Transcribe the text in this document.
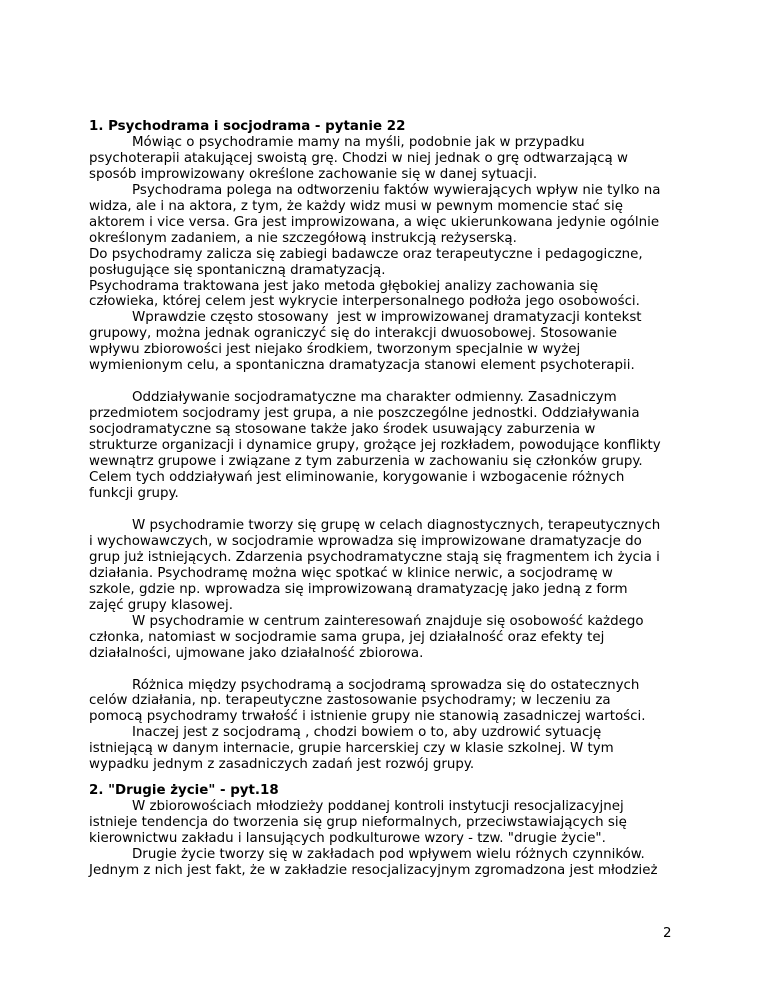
1. Psychodrama i socjodrama - pytanie 22

Mówiąc o psychodramie mamy na myśli, podobnie jak w przypadku

psychoterapii atakującej swoistą grę. Chodzi w niej jednak o grę odtwarzającą w

sposób improwizowany określone zachowanie się w danej sytuacji.

Psychodrama polega na odtworzeniu faktów wywierających wpływ nie tylko na

widza, ale i na aktora, z tym, że każdy widz musi w pewnym momencie stać się

aktorem i vice versa. Gra jest improwizowana, a więc ukierunkowana jedynie ogólnie

określonym zadaniem, a nie szczegółową instrukcją reżyserską.

Do psychodramy zalicza się zabiegi badawcze oraz terapeutyczne i pedagogiczne,

posługujące się spontaniczną dramatyzacją.

Psychodrama traktowana jest jako metoda głębokiej analizy zachowania się

człowieka, której celem jest wykrycie interpersonalnego podłoża jego osobowości.

Wprawdzie często stosowany  jest w improwizowanej dramatyzacji kontekst

grupowy, można jednak ograniczyć się do interakcji dwuosobowej. Stosowanie

wpływu zbiorowości jest niejako środkiem, tworzonym specjalnie w wyżej

wymienionym celu, a spontaniczna dramatyzacja stanowi element psychoterapii.

Oddziaływanie socjodramatyczne ma charakter odmienny. Zasadniczym

przedmiotem socjodramy jest grupa, a nie poszczególne jednostki. Oddziaływania

socjodramatyczne są stosowane także jako środek usuwający zaburzenia w

strukturze organizacji i dynamice grupy, grożące jej rozkładem, powodujące konflikty

wewnątrz grupowe i związane z tym zaburzenia w zachowaniu się członków grupy.

Celem tych oddziaływań jest eliminowanie, korygowanie i wzbogacenie różnych

funkcji grupy.

W psychodramie tworzy się grupę w celach diagnostycznych, terapeutycznych

i wychowawczych, w socjodramie wprowadza się improwizowane dramatyzacje do

grup już istniejących. Zdarzenia psychodramatyczne stają się fragmentem ich życia i

działania. Psychodramę można więc spotkać w klinice nerwic, a socjodramę w

szkole, gdzie np. wprowadza się improwizowaną dramatyzację jako jedną z form

zajęć grupy klasowej.

W psychodramie w centrum zainteresowań znajduje się osobowość każdego

członka, natomiast w socjodramie sama grupa, jej działalność oraz efekty tej

działalności, ujmowane jako działalność zbiorowa.

Różnica między psychodramą a socjodramą sprowadza się do ostatecznych

celów działania, np. terapeutyczne zastosowanie psychodramy; w leczeniu za

pomocą psychodramy trwałość i istnienie grupy nie stanowią zasadniczej wartości.

Inaczej jest z socjodramą , chodzi bowiem o to, aby uzdrowić sytuację

istniejącą w danym internacie, grupie harcerskiej czy w klasie szkolnej. W tym

wypadku jednym z zasadniczych zadań jest rozwój grupy.

2. "Drugie życie" - pyt.18

W zbiorowościach młodzieży poddanej kontroli instytucji resocjalizacyjnej

istnieje tendencja do tworzenia się grup nieformalnych, przeciwstawiających się

kierownictwu zakładu i lansujących podkulturowe wzory - tzw. "drugie życie".

Drugie życie tworzy się w zakładach pod wpływem wielu różnych czynników.

Jednym z nich jest fakt, że w zakładzie resocjalizacyjnym zgromadzona jest młodzież

2
